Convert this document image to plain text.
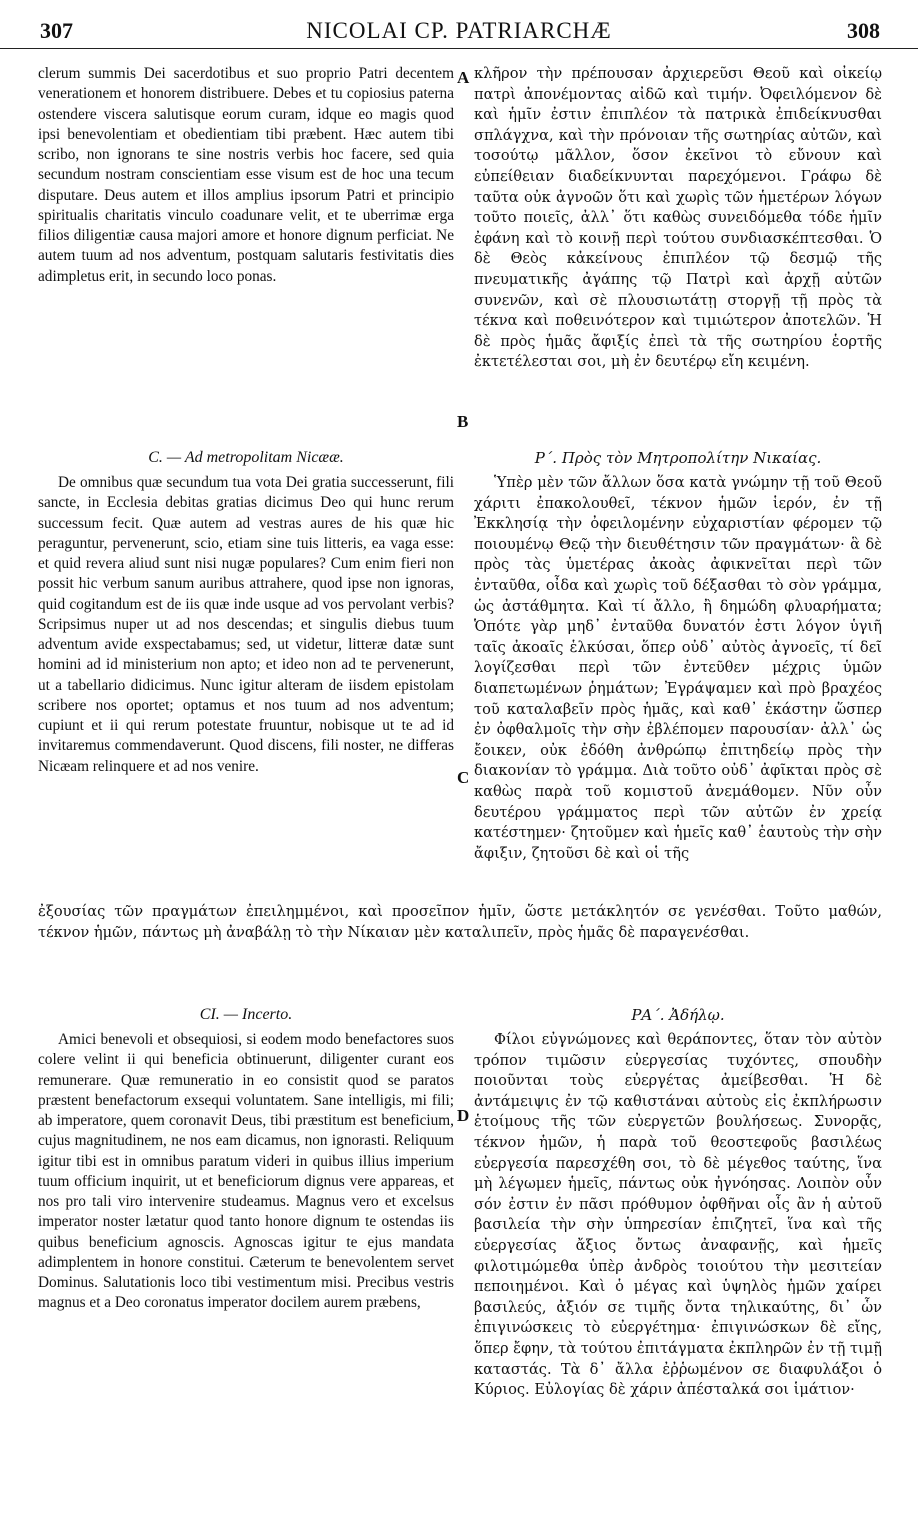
307	NICOLAI CP. PATRIARCHÆ	308
A
B
C
D

clerum summis Dei sacerdotibus et suo proprio Patri decentem venerationem et honorem distribuere. Debes et tu copiosius paterna ostendere viscera salutisque eorum curam, idque eo magis quod ipsi benevolentiam et obedientiam tibi præbent. Hæc autem tibi scribo, non ignorans te sine nostris verbis hoc facere, sed quia secundum nostram conscientiam esse visum est de hoc una tecum disputare. Deus autem et illos amplius ipsorum Patri et principio spiritualis charitatis vinculo coadunare velit, et te uberrimæ erga filios diligentiæ causa majori amore et honore dignum perficiat. Ne autem tuum ad nos adventum, postquam salutaris festivitatis dies adimpletus erit, in secundo loco ponas.

κλῆρον τὴν πρέπουσαν ἀρχιερεῦσι Θεοῦ καὶ οἰκείῳ πατρὶ ἀπονέμοντας αἰδῶ καὶ τιμήν. Ὀφειλόμενον δὲ καὶ ἡμῖν ἐστιν ἐπιπλέον τὰ πατρικὰ ἐπιδείκνυσθαι σπλάγχνα, καὶ τὴν πρόνοιαν τῆς σωτηρίας αὐτῶν, καὶ τοσούτῳ μᾶλλον, ὅσον ἐκεῖνοι τὸ εὔνουν καὶ εὐπείθειαν διαδείκνυνται παρεχόμενοι. Γράφω δὲ ταῦτα οὐκ ἀγνοῶν ὅτι καὶ χωρὶς τῶν ἡμετέρων λόγων τοῦτο ποιεῖς, ἀλλ᾽ ὅτι καθὼς συνειδόμεθα τόδε ἡμῖν ἐφάνη καὶ τὸ κοινῇ περὶ τούτου συνδιασκέπτεσθαι. Ὁ δὲ Θεὸς κἀκείνους ἐπιπλέον τῷ δεσμῷ τῆς πνευματικῆς ἀγάπης τῷ Πατρὶ καὶ ἀρχῇ αὐτῶν συνενῶν, καὶ σὲ πλουσιωτάτῃ στοργῇ τῇ πρὸς τὰ τέκνα καὶ ποθεινότερον καὶ τιμιώτερον ἀποτελῶν. Ἡ δὲ πρὸς ἡμᾶς ἄφιξίς ἐπεὶ τὰ τῆς σωτηρίου ἑορτῆς ἐκτετέλεσται σοι, μὴ ἐν δευτέρῳ εἴη κειμένη.

C. — Ad metropolitam Nicææ.

De omnibus quæ secundum tua vota Dei gratia successerunt, fili sancte, in Ecclesia debitas gratias dicimus Deo qui hunc rerum successum fecit. Quæ autem ad vestras aures de his quæ hic peraguntur, pervenerunt, scio, etiam sine tuis litteris, ea vaga esse: et quid revera aliud sunt nisi nugæ populares? Cum enim fieri non possit hic verbum sanum auribus attrahere, quod ipse non ignoras, quid cogitandum est de iis quæ inde usque ad vos pervolant verbis? Scripsimus nuper ut ad nos descendas; et singulis diebus tuum adventum avide exspectabamus; sed, ut videtur, litteræ datæ sunt homini ad id ministerium non apto; et ideo non ad te pervenerunt, ut a tabellario didicimus. Nunc igitur alteram de iisdem epistolam scribere nos oportet; optamus et nos tuum ad nos adventum; cupiunt et ii qui rerum potestate fruuntur, nobisque ut te ad id invitaremus commendaverunt. Quod discens, fili noster, ne differas Nicæam relinquere et ad nos venire.

Ρ΄. Πρὸς τὸν Μητροπολίτην Νικαίας.

Ὑπὲρ μὲν τῶν ἄλλων ὅσα κατὰ γνώμην τῇ τοῦ Θεοῦ χάριτι ἐπακολουθεῖ, τέκνον ἡμῶν ἱερόν, ἐν τῇ Ἐκκλησίᾳ τὴν ὀφειλομένην εὐχαριστίαν φέρομεν τῷ ποιουμένῳ Θεῷ τὴν διευθέτησιν τῶν πραγμάτων· ἃ δὲ πρὸς τὰς ὑμετέρας ἀκοὰς ἀφικνεῖται περὶ τῶν ἐνταῦθα, οἶδα καὶ χωρὶς τοῦ δέξασθαι τὸ σὸν γράμμα, ὡς ἀστάθμητα. Καὶ τί ἄλλο, ἢ δημώδη φλυαρήματα; Ὁπότε γὰρ μηδ᾽ ἐνταῦθα δυνατόν ἐστι λόγον ὑγιῆ ταῖς ἀκοαῖς ἑλκύσαι, ὅπερ οὐδ᾽ αὐτὸς ἀγνοεῖς, τί δεῖ λογίζεσθαι περὶ τῶν ἐντεῦθεν μέχρις ὑμῶν διαπετωμένων ῥημάτων; Ἐγράψαμεν καὶ πρὸ βραχέος τοῦ καταλαβεῖν πρὸς ἡμᾶς, καὶ καθ᾽ ἑκάστην ὥσπερ ἐν ὀφθαλμοῖς τὴν σὴν ἐβλέπομεν παρουσίαν· ἀλλ᾽ ὡς ἔοικεν, οὐκ ἐδόθη ἀνθρώπῳ ἐπιτηδείῳ πρὸς τὴν διακονίαν τὸ γράμμα. Διὰ τοῦτο οὐδ᾽ ἀφῖκται πρὸς σὲ καθὼς παρὰ τοῦ κομιστοῦ ἀνεμάθομεν. Νῦν οὖν δευτέρου γράμματος περὶ τῶν αὐτῶν ἐν χρείᾳ κατέστημεν· ζητοῦμεν καὶ ἡμεῖς καθ᾽ ἑαυτοὺς τὴν σὴν ἄφιξιν, ζητοῦσι δὲ καὶ οἱ τῆς

ἐξουσίας τῶν πραγμάτων ἐπειλημμένοι, καὶ προσεῖπον ἡμῖν, ὥστε μετάκλητόν σε γενέσθαι. Τοῦτο μαθών, τέκνον ἡμῶν, πάντως μὴ ἀναβάλῃ τὸ τὴν Νίκαιαν μὲν καταλιπεῖν, πρὸς ἡμᾶς δὲ παραγενέσθαι.

CI. — Incerto.

Amici benevoli et obsequiosi, si eodem modo benefactores suos colere velint ii qui beneficia obtinuerunt, diligenter curant eos remunerare. Quæ remuneratio in eo consistit quod se paratos præstent benefactorum exsequi voluntatem. Sane intelligis, mi fili; ab imperatore, quem coronavit Deus, tibi præstitum est beneficium, cujus magnitudinem, ne nos eam dicamus, non ignorasti. Reliquum igitur tibi est in omnibus paratum videri in quibus illius imperium tuum officium inquirit, ut et beneficiorum dignus vere appareas, et nos pro tali viro intervenire studeamus. Magnus vero et excelsus imperator noster lætatur quod tanto honore dignum te ostendas iis quibus beneficium agnoscis. Agnoscas igitur te ejus mandata adimplentem in honore constitui. Cæterum te benevolentem servet Dominus. Salutationis loco tibi vestimentum misi. Precibus vestris magnus et a Deo coronatus imperator docilem aurem præbens,

ΡΑ΄. Ἀδήλῳ.

Φίλοι εὐγνώμονες καὶ θεράποντες, ὅταν τὸν αὐτὸν τρόπον τιμῶσιν εὐεργεσίας τυχόντες, σπουδὴν ποιοῦνται τοὺς εὐεργέτας ἀμείβεσθαι. Ἡ δὲ ἀντάμειψις ἐν τῷ καθιστάναι αὐτοὺς εἰς ἐκπλήρωσιν ἑτοίμους τῆς τῶν εὐεργετῶν βουλήσεως. Συνορᾷς, τέκνον ἡμῶν, ἡ παρὰ τοῦ θεοστεφοῦς βασιλέως εὐεργεσία παρεσχέθη σοι, τὸ δὲ μέγεθος ταύτης, ἵνα μὴ λέγωμεν ἡμεῖς, πάντως οὐκ ἠγνόησας. Λοιπὸν οὖν σόν ἐστιν ἐν πᾶσι πρόθυμον ὀφθῆναι οἷς ἂν ἡ αὐτοῦ βασιλεία τὴν σὴν ὑπηρεσίαν ἐπιζητεῖ, ἵνα καὶ τῆς εὐεργεσίας ἄξιος ὄντως ἀναφανῇς, καὶ ἡμεῖς φιλοτιμώμεθα ὑπὲρ ἀνδρὸς τοιούτου τὴν μεσιτείαν πεποιημένοι. Καὶ ὁ μέγας καὶ ὑψηλὸς ἡμῶν χαίρει βασιλεύς, ἀξιόν σε τιμῆς ὄντα τηλικαύτης, δι᾽ ὧν ἐπιγινώσκεις τὸ εὐεργέτημα· ἐπιγινώσκων δὲ εἴης, ὅπερ ἔφην, τὰ τούτου ἐπιτάγματα ἐκπληρῶν ἐν τῇ τιμῇ καταστάς. Τὰ δ᾽ ἄλλα ἐῤῥωμένον σε διαφυλάξοι ὁ Κύριος. Εὐλογίας δὲ χάριν ἀπέσταλκά σοι ἱμάτιον·
